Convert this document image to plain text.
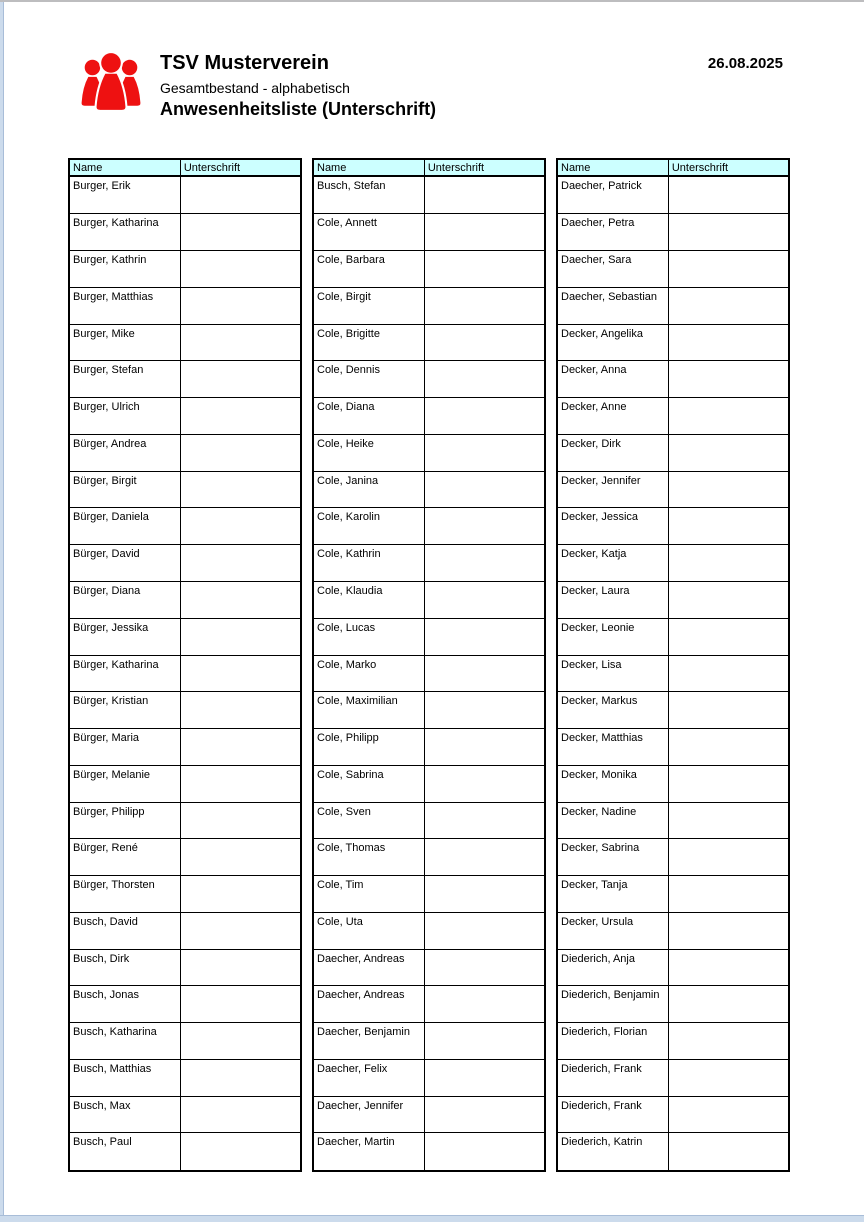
TSV Musterverein
Gesamtbestand - alphabetisch
Anwesenheitsliste (Unterschrift)
26.08.2025
Name	Unterschrift
Burger, Erik	
Burger, Katharina	
Burger, Kathrin	
Burger, Matthias	
Burger, Mike	
Burger, Stefan	
Burger, Ulrich	
Bürger, Andrea	
Bürger, Birgit	
Bürger, Daniela	
Bürger, David	
Bürger, Diana	
Bürger, Jessika	
Bürger, Katharina	
Bürger, Kristian	
Bürger, Maria	
Bürger, Melanie	
Bürger, Philipp	
Bürger, René	
Bürger, Thorsten	
Busch, David	
Busch, Dirk	
Busch, Jonas	
Busch, Katharina	
Busch, Matthias	
Busch, Max	
Busch, Paul	
Name	Unterschrift
Busch, Stefan	
Cole, Annett	
Cole, Barbara	
Cole, Birgit	
Cole, Brigitte	
Cole, Dennis	
Cole, Diana	
Cole, Heike	
Cole, Janina	
Cole, Karolin	
Cole, Kathrin	
Cole, Klaudia	
Cole, Lucas	
Cole, Marko	
Cole, Maximilian	
Cole, Philipp	
Cole, Sabrina	
Cole, Sven	
Cole, Thomas	
Cole, Tim	
Cole, Uta	
Daecher, Andreas	
Daecher, Andreas	
Daecher, Benjamin	
Daecher, Felix	
Daecher, Jennifer	
Daecher, Martin	
Name	Unterschrift
Daecher, Patrick	
Daecher, Petra	
Daecher, Sara	
Daecher, Sebastian	
Decker, Angelika	
Decker, Anna	
Decker, Anne	
Decker, Dirk	
Decker, Jennifer	
Decker, Jessica	
Decker, Katja	
Decker, Laura	
Decker, Leonie	
Decker, Lisa	
Decker, Markus	
Decker, Matthias	
Decker, Monika	
Decker, Nadine	
Decker, Sabrina	
Decker, Tanja	
Decker, Ursula	
Diederich, Anja	
Diederich, Benjamin	
Diederich, Florian	
Diederich, Frank	
Diederich, Frank	
Diederich, Katrin	
